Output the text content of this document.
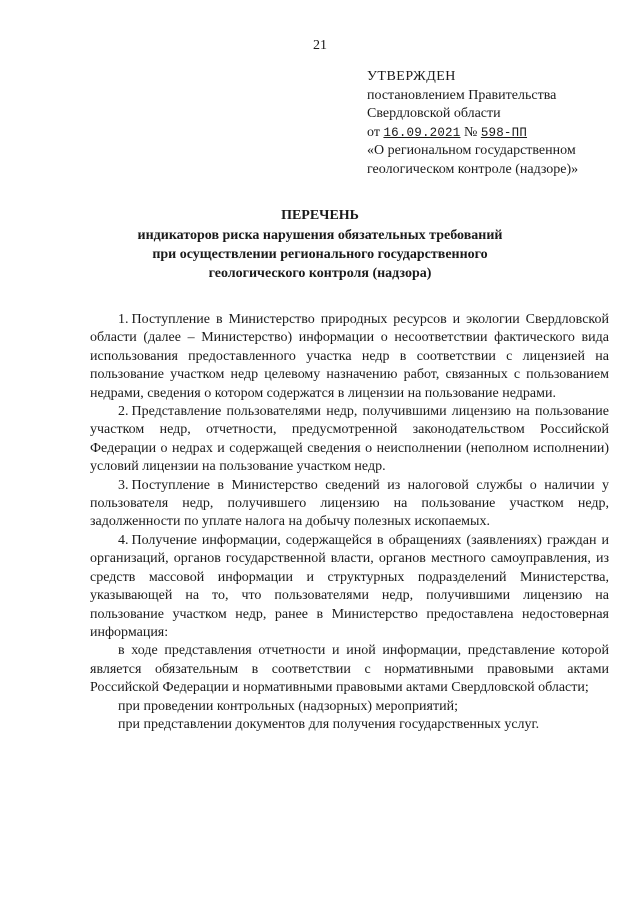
21
УТВЕРЖДЕН
постановлением Правительства
Свердловской области
от 16.09.2021 № 598-ПП
«О региональном государственном
геологическом контроле (надзоре)»
ПЕРЕЧЕНЬ
индикаторов риска нарушения обязательных требований
при осуществлении регионального государственного
геологического контроля (надзора)

1. Поступление в Министерство природных ресурсов и экологии Свердловской области (далее – Министерство) информации о несоответствии фактического вида использования предоставленного участка недр в соответствии с лицензией на пользование участком недр целевому назначению работ, связанных с пользованием недрами, сведения о котором содержатся в лицензии на пользование недрами.

2. Представление пользователями недр, получившими лицензию на пользование участком недр, отчетности, предусмотренной законодательством Российской Федерации о недрах и содержащей сведения о неисполнении (неполном исполнении) условий лицензии на пользование участком недр.

3. Поступление в Министерство сведений из налоговой службы о наличии у пользователя недр, получившего лицензию на пользование участком недр, задолженности по уплате налога на добычу полезных ископаемых.

4. Получение информации, содержащейся в обращениях (заявлениях) граждан и организаций, органов государственной власти, органов местного самоуправления, из средств массовой информации и структурных подразделений Министерства, указывающей на то, что пользователями недр, получившими лицензию на пользование участком недр, ранее в Министерство предоставлена недостоверная информация:

в ходе представления отчетности и иной информации, представление которой является обязательным в соответствии с нормативными правовыми актами Российской Федерации и нормативными правовыми актами Свердловской области;

при проведении контрольных (надзорных) мероприятий;

при представлении документов для получения государственных услуг.
